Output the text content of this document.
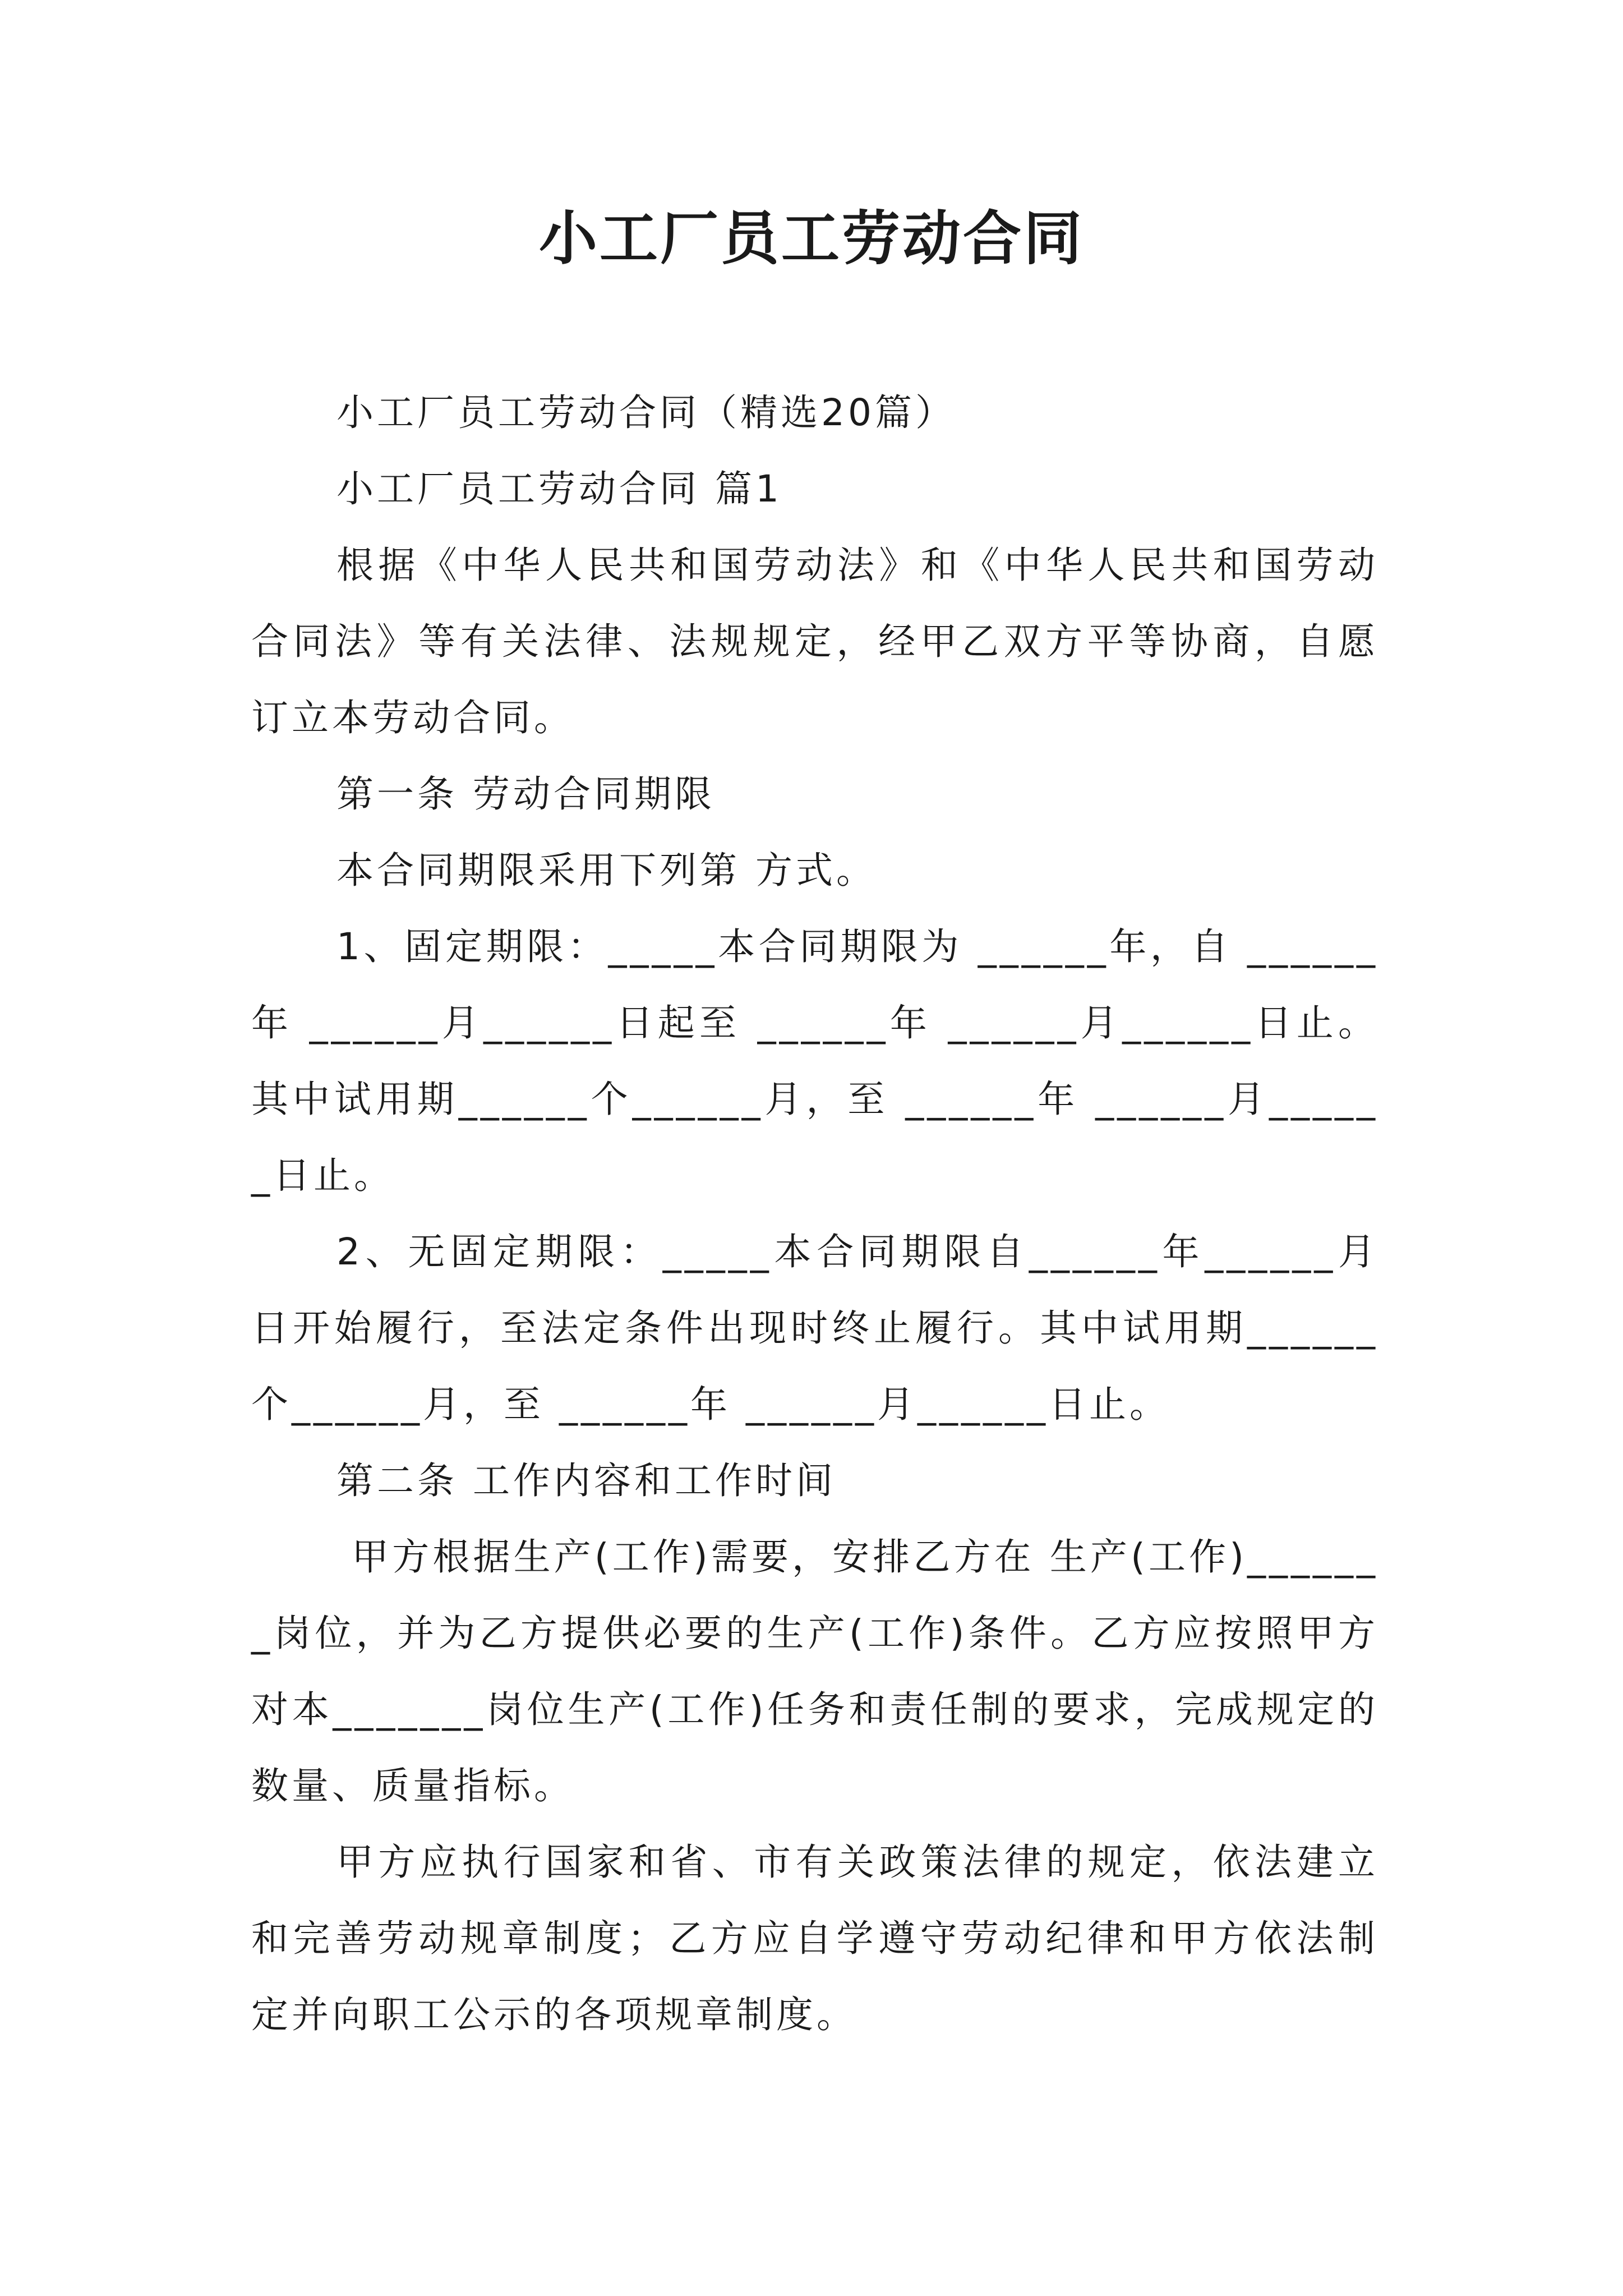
小工厂员工劳动合同

小工厂员工劳动合同（精选20篇）

小工厂员工劳动合同 篇1

根据《中华人民共和国劳动法》和《中华人民共和国劳动合同法》等有关法律、法规规定，经甲乙双方平等协商，自愿订立本劳动合同。

第一条 劳动合同期限

本合同期限采用下列第 方式。

1、固定期限：_____本合同期限为 ______年，自 ______年 ______月______日起至 ______年 ______月______日止。其中试用期______个______月，至 ______年 ______月______日止。

2、无固定期限：_____本合同期限自______年______月日开始履行，至法定条件出现时终止履行。其中试用期______个______月，至 ______年 ______月______日止。

第二条 工作内容和工作时间

甲方根据生产(工作)需要，安排乙方在 生产(工作)_______岗位，并为乙方提供必要的生产(工作)条件。乙方应按照甲方对本_______岗位生产(工作)任务和责任制的要求，完成规定的数量、质量指标。

甲方应执行国家和省、市有关政策法律的规定，依法建立和完善劳动规章制度；乙方应自学遵守劳动纪律和甲方依法制定并向职工公示的各项规章制度。
